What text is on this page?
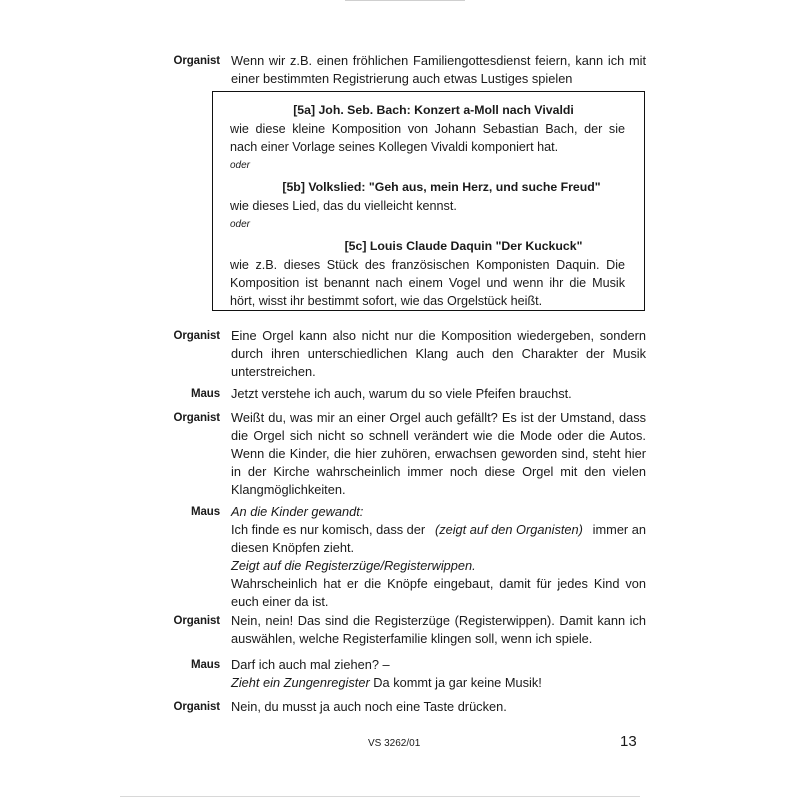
Organist Wenn wir z.B. einen fröhlichen Familiengottesdienst feiern, kann ich mit
einer bestimmten Registrierung auch etwas Lustiges spielen
[5a] Joh. Seb. Bach: Konzert a-Moll nach Vivaldi
wie diese kleine Komposition von Johann Sebastian Bach, der sie
nach einer Vorlage seines Kollegen Vivaldi komponiert hat.
oder
[5b] Volkslied: "Geh aus, mein Herz, und suche Freud"
wie dieses Lied, das du vielleicht kennst.
oder
[5c] Louis Claude Daquin "Der Kuckuck"
wie z.B. dieses Stück des französischen Komponisten Daquin. Die
Komposition ist benannt nach einem Vogel und wenn ihr die Musik
hört, wisst ihr bestimmt sofort, wie das Orgelstück heißt.
Organist Eine Orgel kann also nicht nur die Komposition wiedergeben, sondern
durch ihren unterschiedlichen Klang auch den Charakter der Musik
unterstreichen.
Maus Jetzt verstehe ich auch, warum du so viele Pfeifen brauchst.
Organist Weißt du, was mir an einer Orgel auch gefällt? Es ist der Umstand, dass
die Orgel sich nicht so schnell verändert wie die Mode oder die Autos.
Wenn die Kinder, die hier zuhören, erwachsen geworden sind, steht hier
in der Kirche wahrscheinlich immer noch diese Orgel mit den vielen
Klangmöglichkeiten.
Maus An die Kinder gewandt:
Ich finde es nur komisch, dass der (zeigt auf den Organisten) immer an
diesen Knöpfen zieht.
Zeigt auf die Registerzüge/Registerwippen.
Wahrscheinlich hat er die Knöpfe eingebaut, damit für jedes Kind von
euch einer da ist.
Organist Nein, nein! Das sind die Registerzüge (Registerwippen). Damit kann ich
auswählen, welche Registerfamilie klingen soll, wenn ich spiele.
Maus Darf ich auch mal ziehen? –
Zieht ein Zungenregister Da kommt ja gar keine Musik!
Organist Nein, du musst ja auch noch eine Taste drücken.
VS 3262/01	13
